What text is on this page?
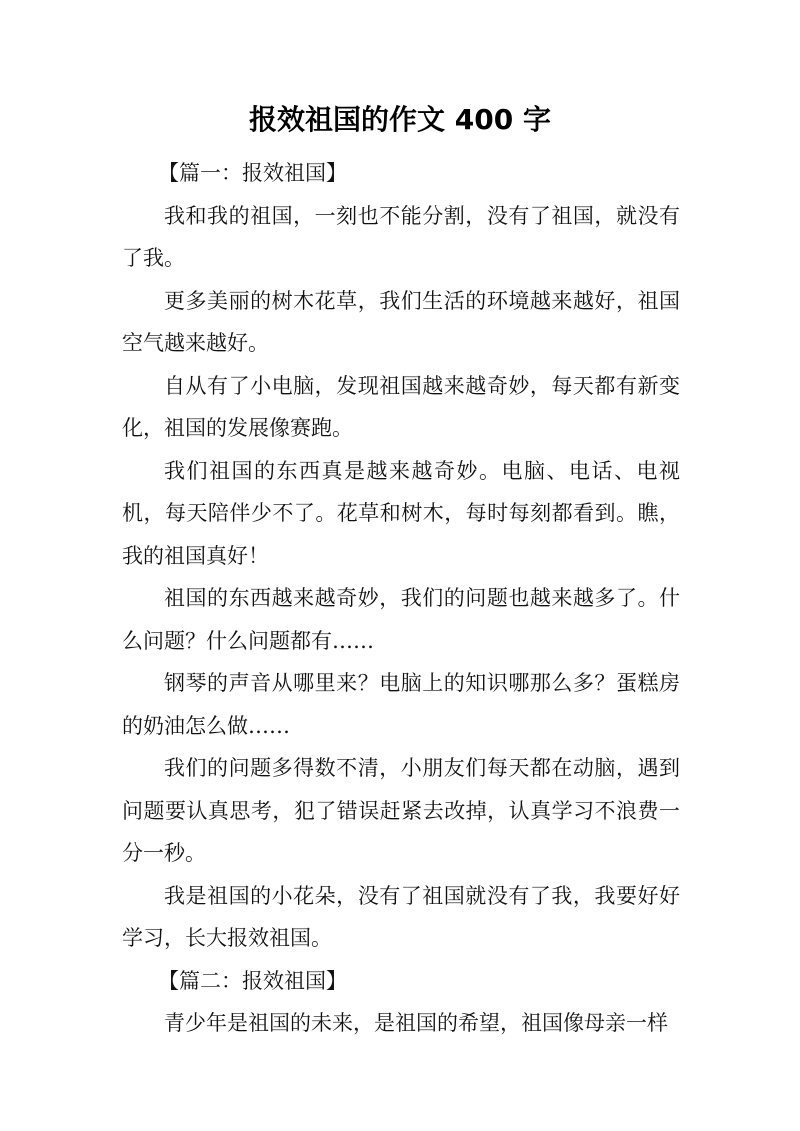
报效祖国的作文 400 字

【篇一：报效祖国】

我和我的祖国，一刻也不能分割，没有了祖国，就没有了我。

更多美丽的树木花草，我们生活的环境越来越好，祖国空气越来越好。

自从有了小电脑，发现祖国越来越奇妙，每天都有新变化，祖国的发展像赛跑。

我们祖国的东西真是越来越奇妙。电脑、电话、电视机，每天陪伴少不了。花草和树木，每时每刻都看到。瞧，我的祖国真好！

祖国的东西越来越奇妙，我们的问题也越来越多了。什么问题？什么问题都有……

钢琴的声音从哪里来？电脑上的知识哪那么多？蛋糕房的奶油怎么做……

我们的问题多得数不清，小朋友们每天都在动脑，遇到问题要认真思考，犯了错误赶紧去改掉，认真学习不浪费一分一秒。

我是祖国的小花朵，没有了祖国就没有了我，我要好好学习，长大报效祖国。

【篇二：报效祖国】

青少年是祖国的未来，是祖国的希望，祖国像母亲一样
